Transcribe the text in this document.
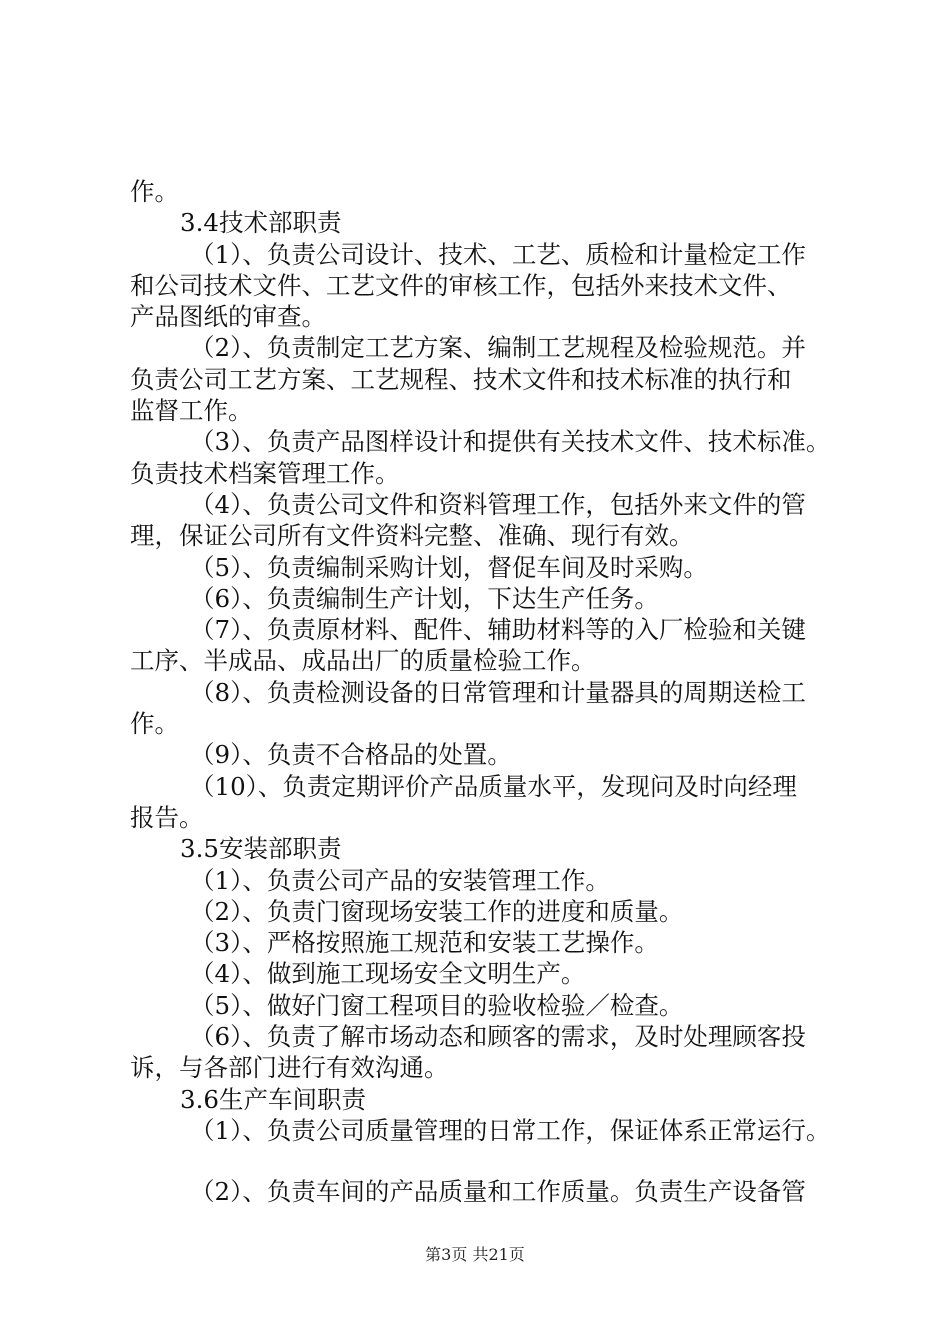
作。
3.4技术部职责
（1）、负责公司设计、技术、工艺、质检和计量检定工作
和公司技术文件、工艺文件的审核工作，包括外来技术文件、
产品图纸的审查。
（2）、负责制定工艺方案、编制工艺规程及检验规范。并
负责公司工艺方案、工艺规程、技术文件和技术标准的执行和
监督工作。
（3）、负责产品图样设计和提供有关技术文件、技术标准。
负责技术档案管理工作。
（4）、负责公司文件和资料管理工作，包括外来文件的管
理，保证公司所有文件资料完整、准确、现行有效。
（5）、负责编制采购计划，督促车间及时采购。
（6）、负责编制生产计划，下达生产任务。
（7）、负责原材料、配件、辅助材料等的入厂检验和关键
工序、半成品、成品出厂的质量检验工作。
（8）、负责检测设备的日常管理和计量器具的周期送检工
作。
（9）、负责不合格品的处置。
（10）、负责定期评价产品质量水平，发现问及时向经理
报告。
3.5安装部职责
（1）、负责公司产品的安装管理工作。
（2）、负责门窗现场安装工作的进度和质量。
（3）、严格按照施工规范和安装工艺操作。
（4）、做到施工现场安全文明生产。
（5）、做好门窗工程项目的验收检验／检查。
（6）、负责了解市场动态和顾客的需求，及时处理顾客投
诉，与各部门进行有效沟通。
3.6生产车间职责
（1）、负责公司质量管理的日常工作，保证体系正常运行。
（2）、负责车间的产品质量和工作质量。负责生产设备管
第3页 共21页
